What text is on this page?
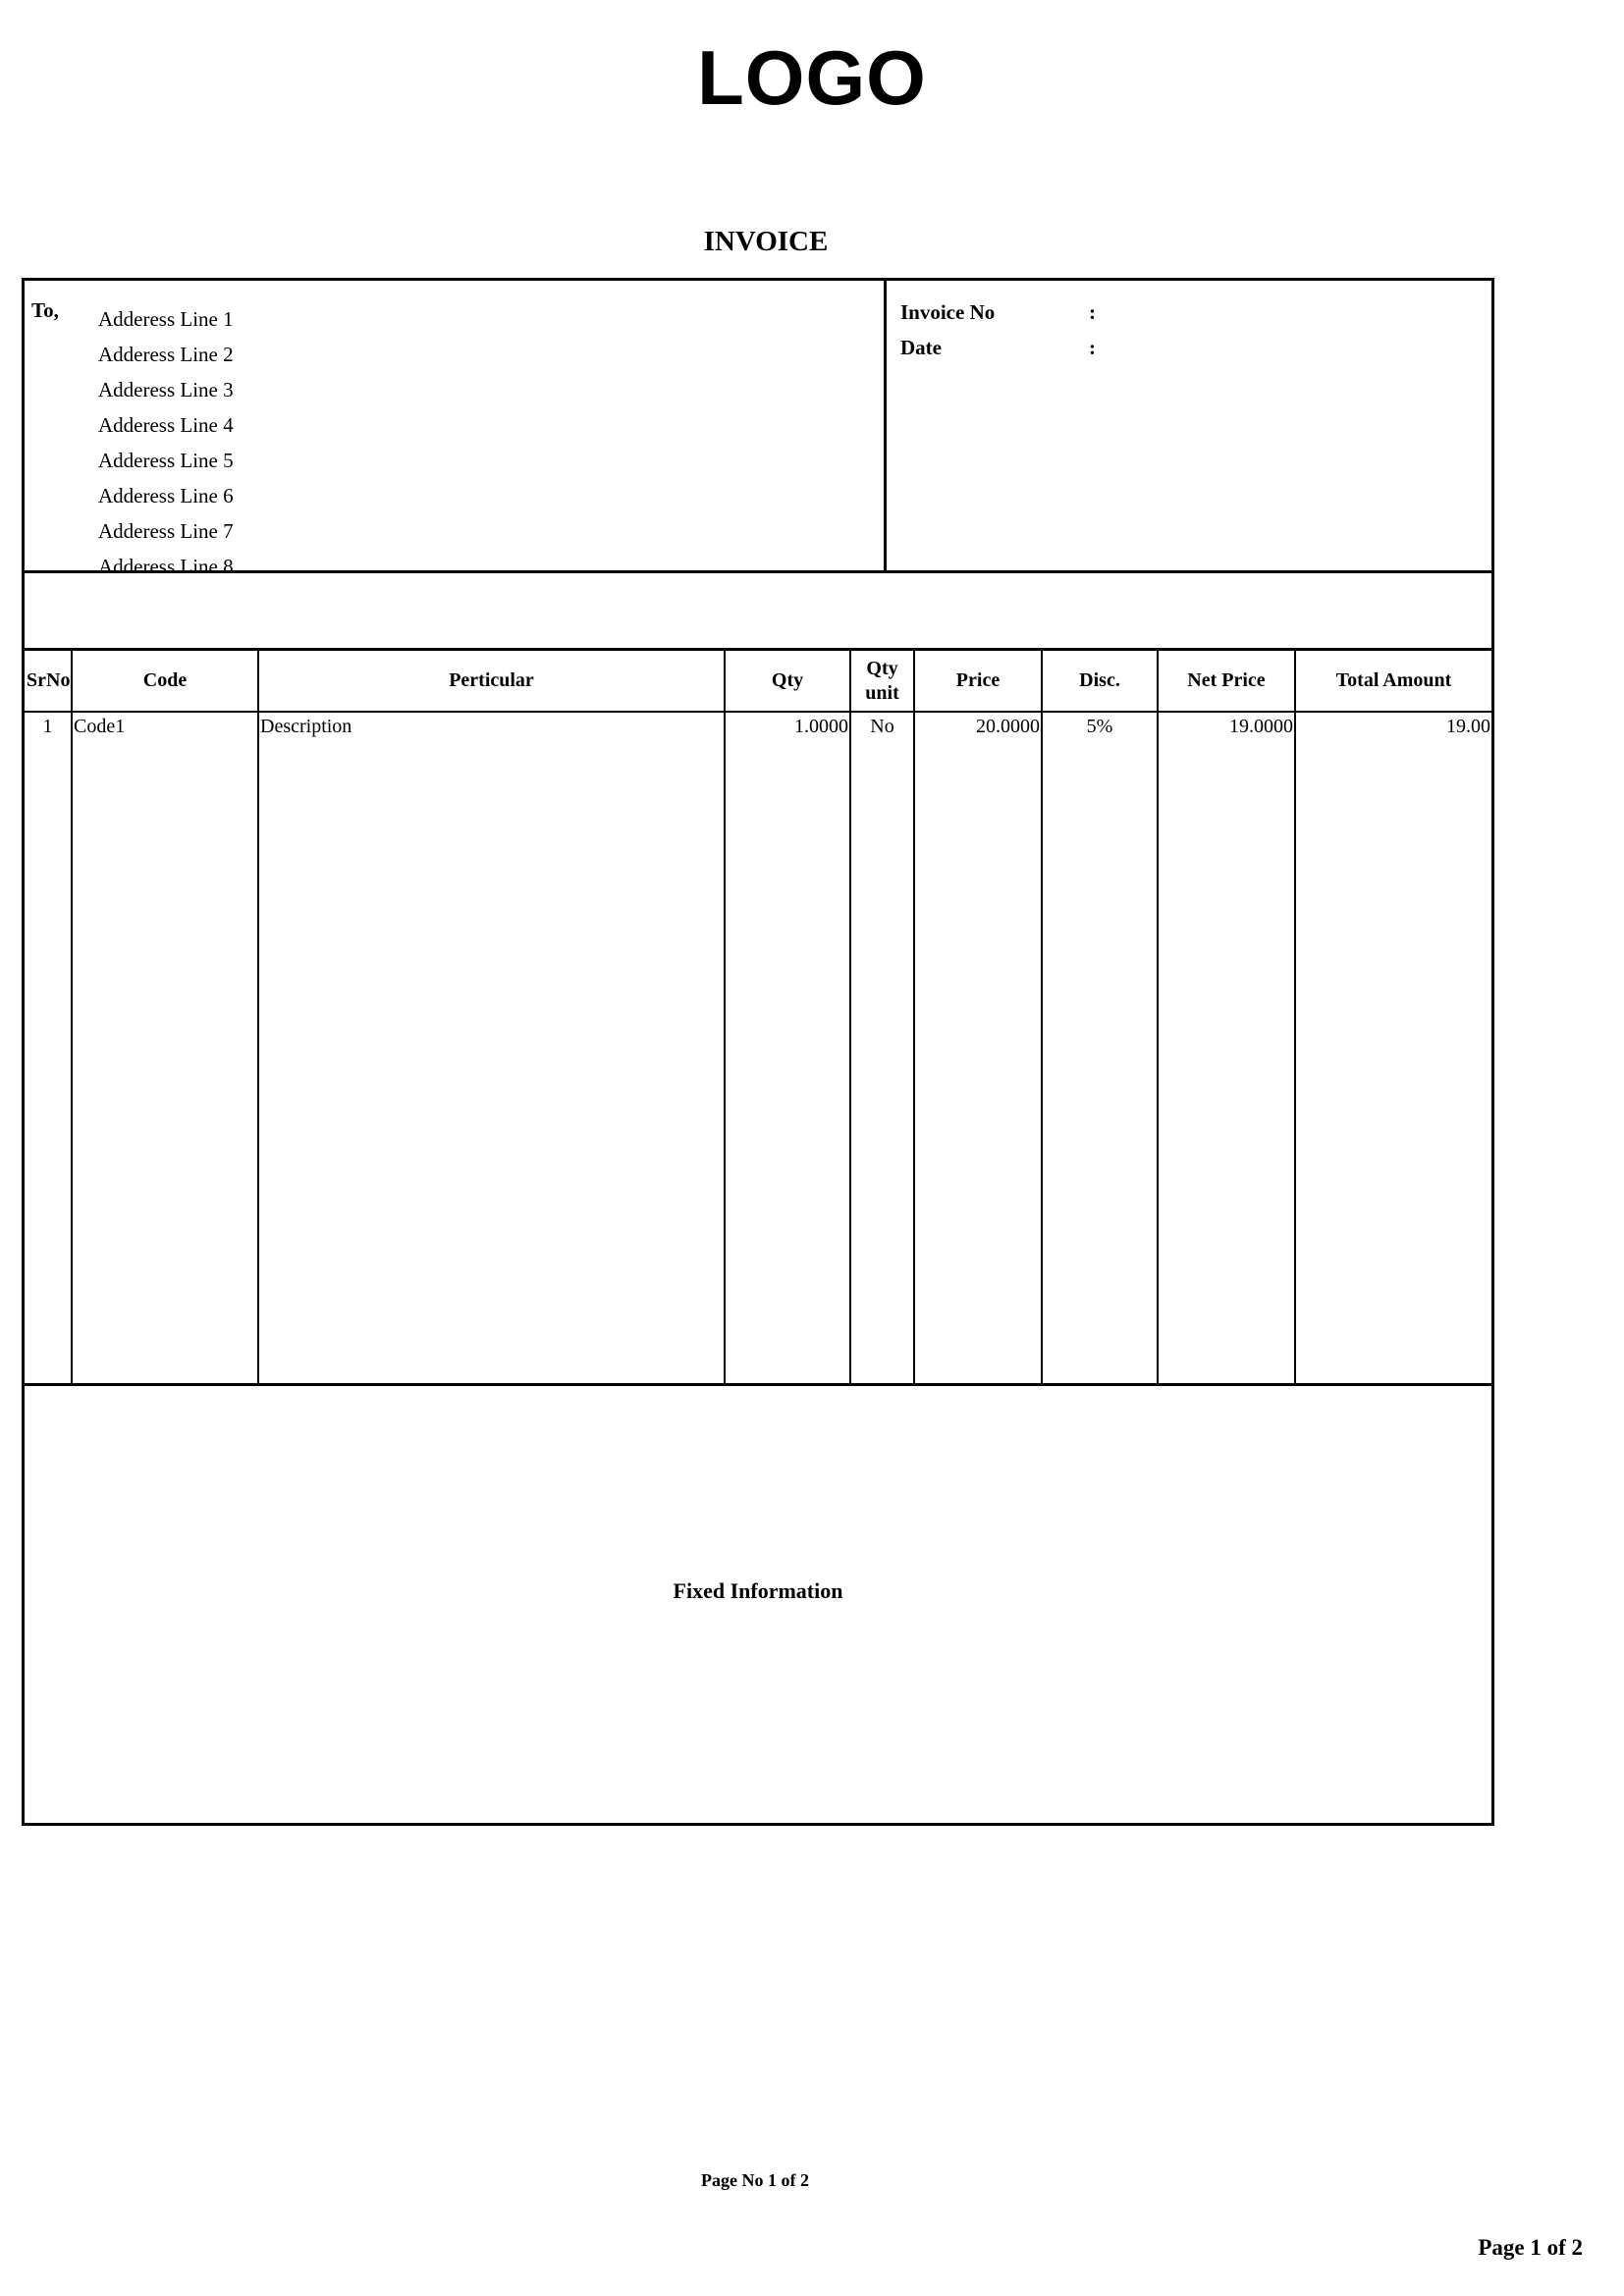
LOGO
INVOICE
To, Adderess Line 1
Adderess Line 2
Adderess Line 3
Adderess Line 4
Adderess Line 5
Adderess Line 6
Adderess Line 7
Adderess Line 8
Invoice No	:
Date	:
SrNo	Code	Perticular	Qty	Qty unit	Price	Disc.	Net Price	Total Amount
1	Code1	Description	1.0000	No	20.0000	5%	19.0000	19.00

Fixed Information
Page No 1 of 2
Page 1 of 2
